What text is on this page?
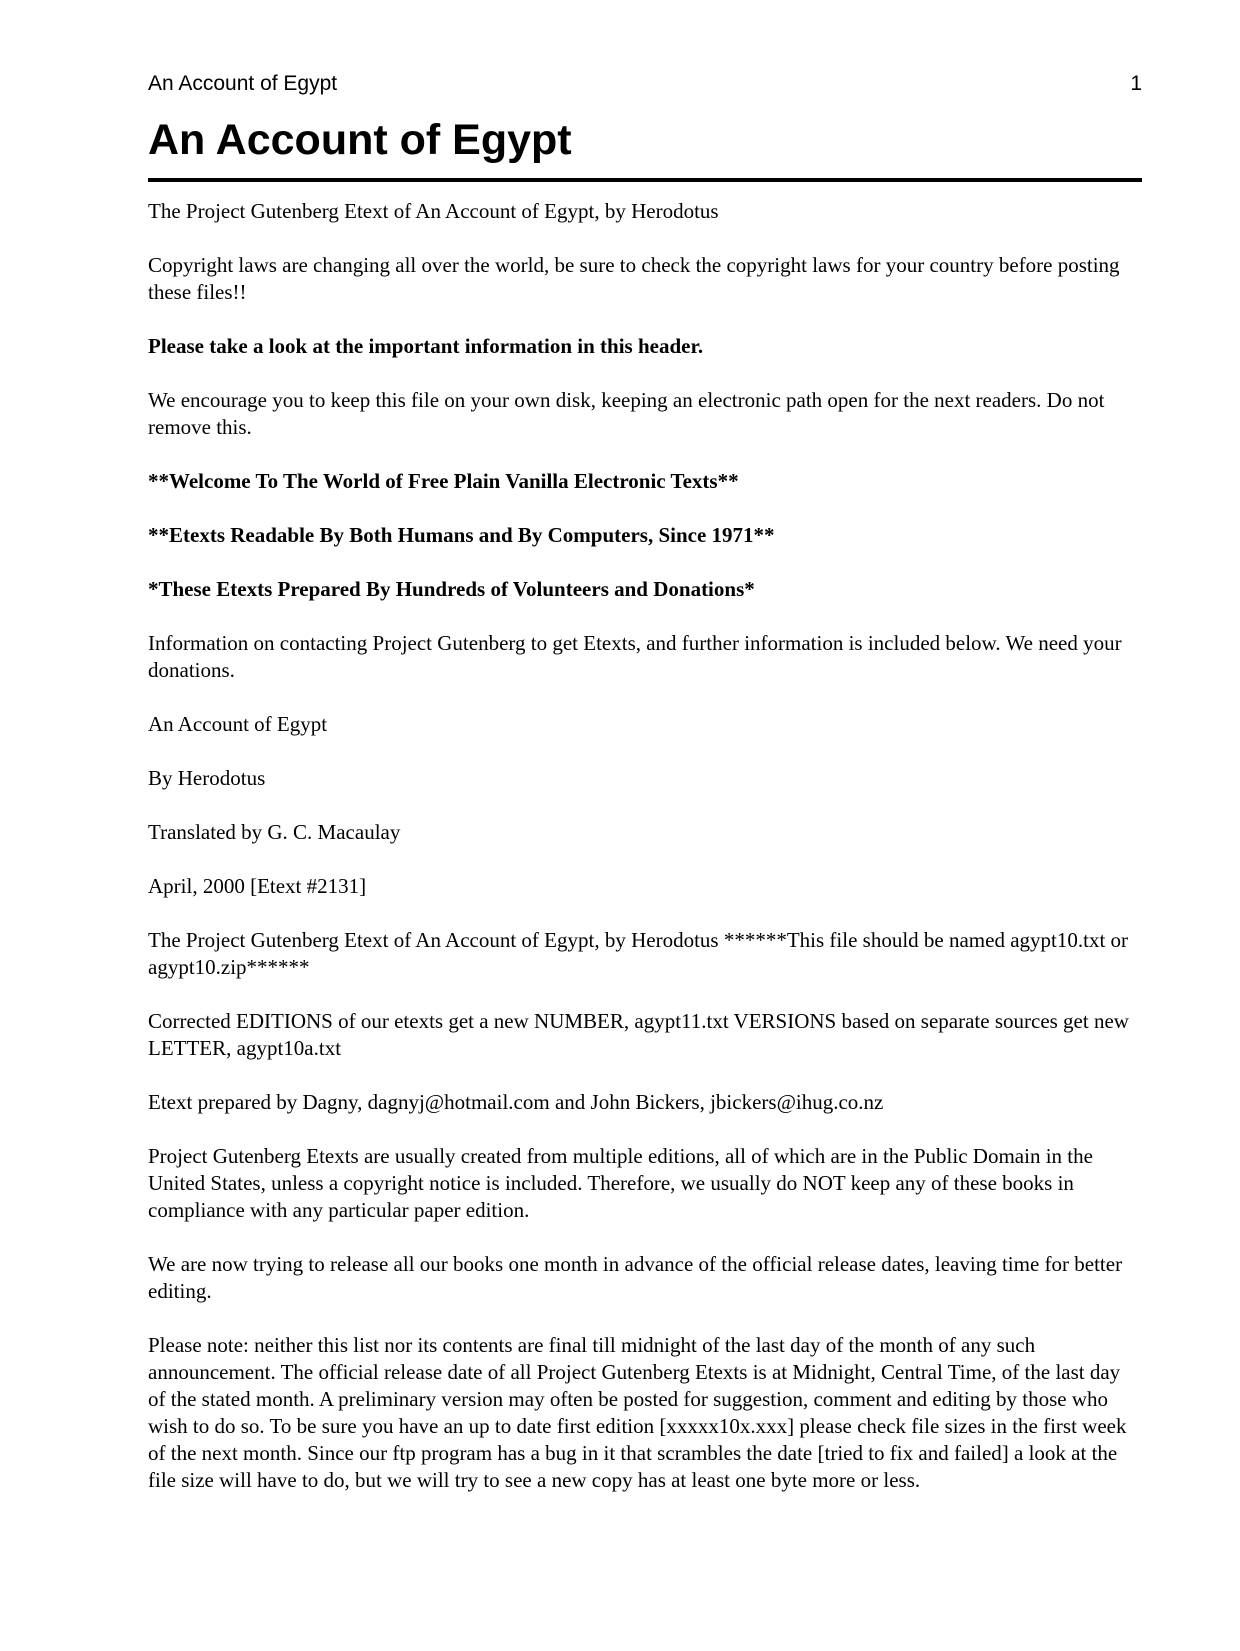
An Account of Egypt	1
An Account of Egypt

The Project Gutenberg Etext of An Account of Egypt, by Herodotus

Copyright laws are changing all over the world, be sure to check the copyright laws for your country before posting these files!!

Please take a look at the important information in this header.

We encourage you to keep this file on your own disk, keeping an electronic path open for the next readers. Do not remove this.

**Welcome To The World of Free Plain Vanilla Electronic Texts**

**Etexts Readable By Both Humans and By Computers, Since 1971**

*These Etexts Prepared By Hundreds of Volunteers and Donations*

Information on contacting Project Gutenberg to get Etexts, and further information is included below. We need your donations.

An Account of Egypt

By Herodotus

Translated by G. C. Macaulay

April, 2000 [Etext #2131]

The Project Gutenberg Etext of An Account of Egypt, by Herodotus ******This file should be named agypt10.txt or agypt10.zip******

Corrected EDITIONS of our etexts get a new NUMBER, agypt11.txt VERSIONS based on separate sources get new LETTER, agypt10a.txt

Etext prepared by Dagny, dagnyj@hotmail.com and John Bickers, jbickers@ihug.co.nz

Project Gutenberg Etexts are usually created from multiple editions, all of which are in the Public Domain in the United States, unless a copyright notice is included. Therefore, we usually do NOT keep any of these books in compliance with any particular paper edition.

We are now trying to release all our books one month in advance of the official release dates, leaving time for better editing.

Please note: neither this list nor its contents are final till midnight of the last day of the month of any such announcement. The official release date of all Project Gutenberg Etexts is at Midnight, Central Time, of the last day of the stated month. A preliminary version may often be posted for suggestion, comment and editing by those who wish to do so. To be sure you have an up to date first edition [xxxxx10x.xxx] please check file sizes in the first week of the next month. Since our ftp program has a bug in it that scrambles the date [tried to fix and failed] a look at the file size will have to do, but we will try to see a new copy has at least one byte more or less.
